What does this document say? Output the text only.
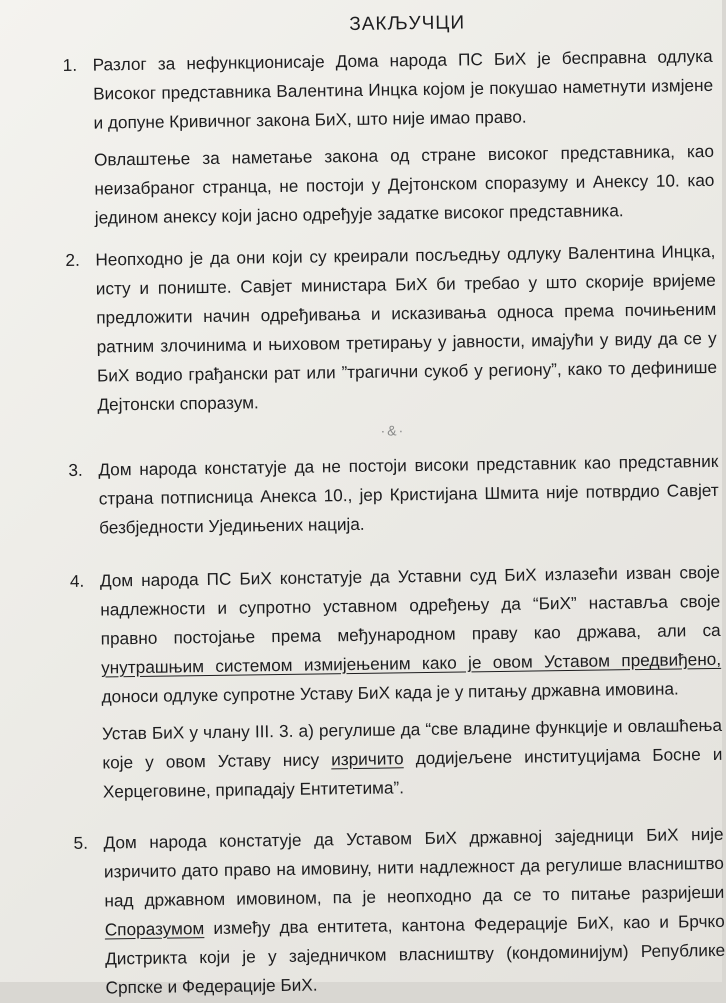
ЗАКЉУЧЦИ
1. Разлог за нефункционисаје Дома народа ПС БиХ је бесправна одлука Високог представника Валентина Инцка којом је покушао наметнути измјене и допуне Кривичног закона БиХ, што није имао право.

Овлаштење за наметање закона од стране високог представника, као неизабраног странца, не постоји у Дејтонском споразуму и Анексу 10. као јединoм анексу који јасно одређује задатке високог представника.

2. Неопходно је да они који су креирали посљедњу одлуку Валентина Инцка, исту и пониште. Савјет министара БиХ би требао у што скорије вријеме предложити начин одређивања и исказивања односа према почињеним ратним злочинима и њиховом третирању у јавности, имајући у виду да се у БиХ водио грађански рат или ”трагични сукоб у региону”, како то дефинише Дејтонски споразум.

·&·
3. Дом народа констатује да не постоји високи представник као представник страна потписница Анекса 10., јер Кристијана Шмита није потврдио Савјет безбједности Уједињених нација.

4. Дом народа ПС БиХ констатује да Уставни суд БиХ излазећи изван своје надлежности и супротно уставном одређењу да “БиХ” наставља своје правно постојање према међународном праву као држава, али са унутрашњим системом измијењеним како је овом Уставом предвиђено, доноси одлуке супротне Уставу БиХ када је у питању државна имовина.

Устав БиХ у члану III. 3. а) регулише да “све владине функције и овлашћења које у овом Уставу нису изричито додијељене институцијама Босне и Херцеговине, припадају Ентитетима”.

5. Дом народа констатује да Уставом БиХ државној заједници БиХ није изричито дато право на имовину, нити надлежност да регулише власништво над државном имовином, па је неопходно да се то питање разријеши Споразумом између два ентитета, кантона Федерације БиХ, као и Брчко Дистрикта који је у заједничком власништву (кондоминијум) Републике Српске и Федерације БиХ.
